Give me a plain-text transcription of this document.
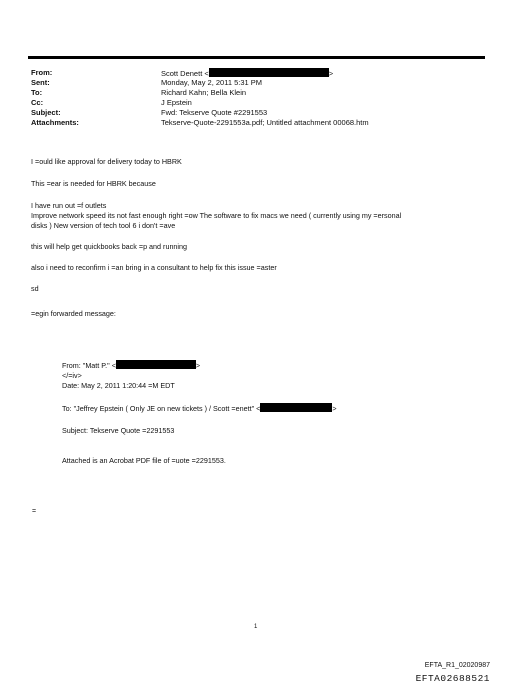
From:	Scott Denett <	>
Sent:	Monday, May 2, 2011 5:31 PM
To:	Richard Kahn; Bella Klein
Cc:	J Epstein
Subject:	Fwd: Tekserve Quote #2291553
Attachments:	Tekserve-Quote-2291553a.pdf; Untitled attachment 00068.htm

I =ould like approval for delivery today to HBRK

This =ear is needed for HBRK because

I have run out =f outlets

Improve network speed its not fast enough right =ow The software to fix macs we need ( currently using my =ersonal

disks ) New version of tech tool 6 i don't =ave

this will help get quickbooks back =p and running

also i need to reconfirm i =an bring in a consultant to help fix this issue =aster

sd

=egin forwarded message:

From: "Matt P." <	>

</=iv>

Date: May 2, 2011 1:20:44 =M EDT

To: "Jeffrey Epstein ( Only JE on new tickets ) / Scott =enett" <	>

Subject: Tekserve Quote =2291553

Attached is an Acrobat PDF file of =uote =2291553.

=
1
EFTA_R1_02020987
EFTA02688521
